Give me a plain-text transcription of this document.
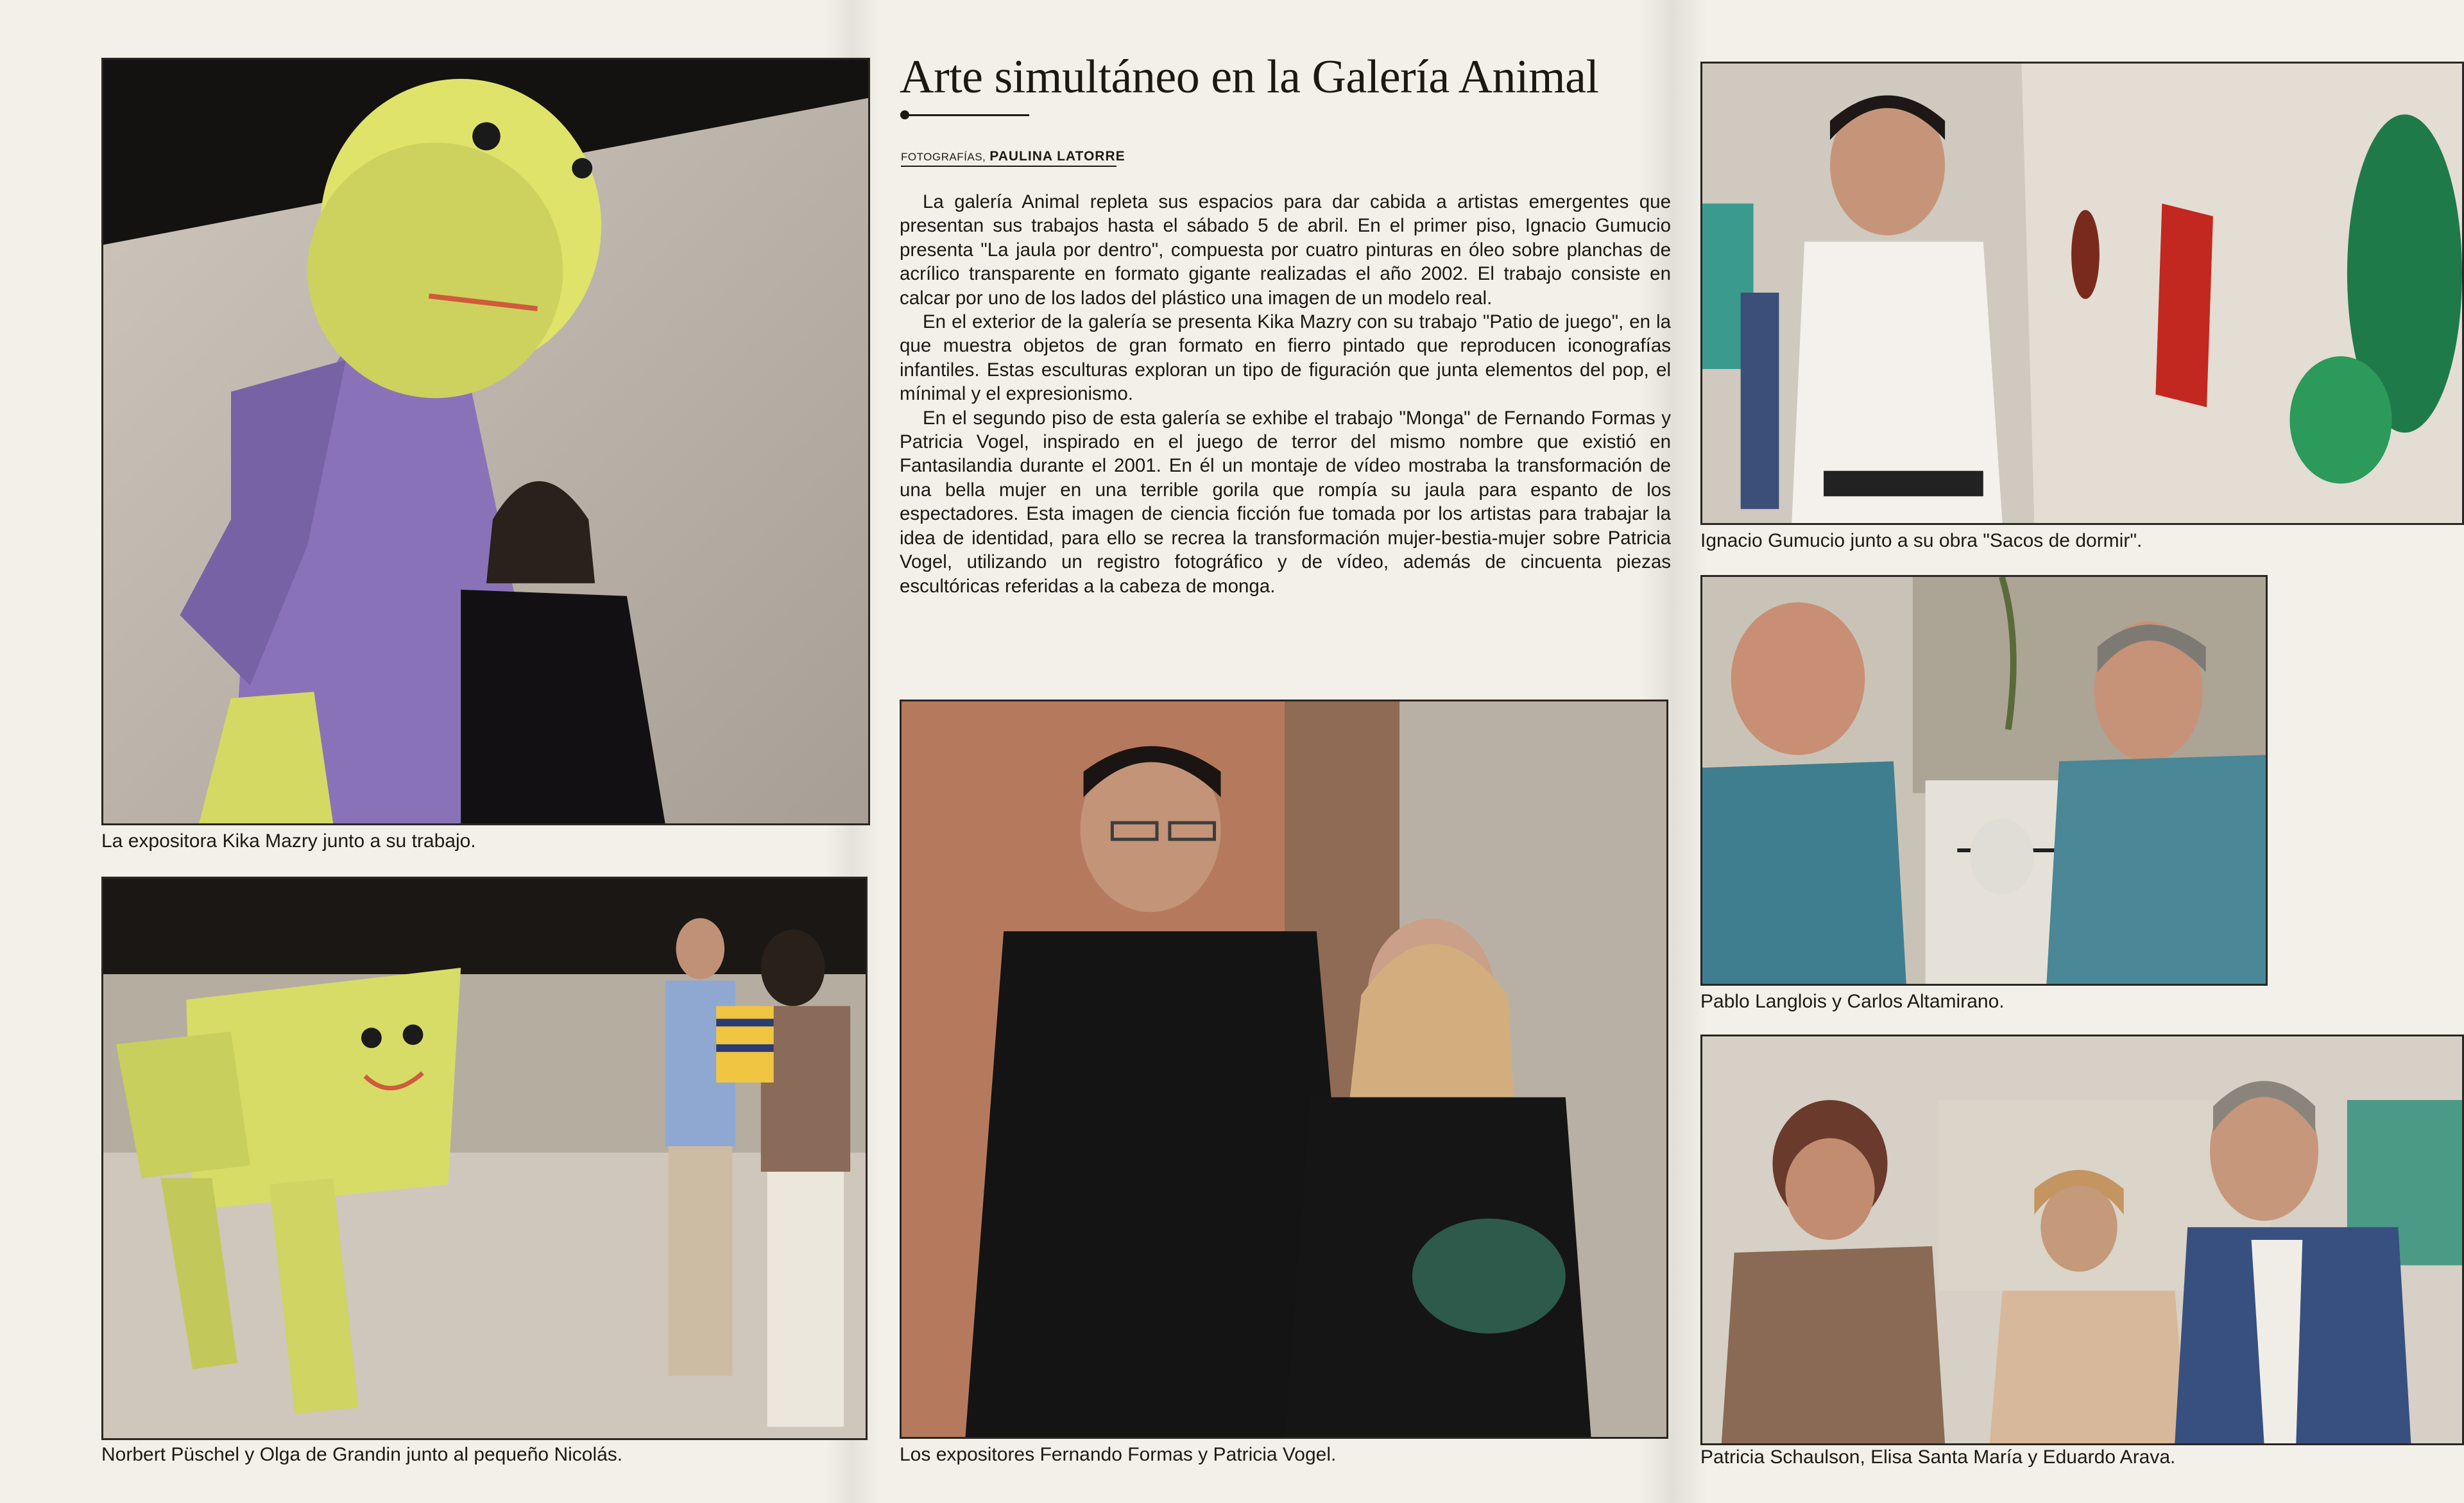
La expositora Kika Mazry junto a su trabajo.
Norbert Püschel y Olga de Grandin junto al pequeño Nicolás.
Arte simultáneo en la Galería Animal
FOTOGRAFÍAS, PAULINA LATORRE

La galería Animal repleta sus espacios para dar cabida a artistas emergentes que presentan sus trabajos hasta el sábado 5 de abril. En el primer piso, Ignacio Gumucio presenta "La jaula por dentro", compuesta por cuatro pinturas en óleo sobre planchas de acrílico transparente en formato gigante realizadas el año 2002. El trabajo consiste en calcar por uno de los lados del plástico una imagen de un modelo real.

En el exterior de la galería se presenta Kika Mazry con su trabajo "Patio de juego", en la que muestra objetos de gran formato en fierro pintado que reproducen iconografías infantiles. Estas esculturas exploran un tipo de figuración que junta elementos del pop, el mínimal y el expresionismo.

En el segundo piso de esta galería se exhibe el trabajo "Monga" de Fernando Formas y Patricia Vogel, inspirado en el juego de terror del mismo nombre que existió en Fantasilandia durante el 2001. En él un montaje de vídeo mostraba la transformación de una bella mujer en una terrible gorila que rompía su jaula para espanto de los espectadores. Esta imagen de ciencia ficción fue tomada por los artistas para trabajar la idea de identidad, para ello se recrea la transformación mujer-bestia-mujer sobre Patricia Vogel, utilizando un registro fotográfico y de vídeo, además de cincuenta piezas escultóricas referidas a la cabeza de monga.

Los expositores Fernando Formas y Patricia Vogel.
Ignacio Gumucio junto a su obra "Sacos de dormir".
Pablo Langlois y Carlos Altamirano.
Patricia Schaulson, Elisa Santa María y Eduardo Arava.
